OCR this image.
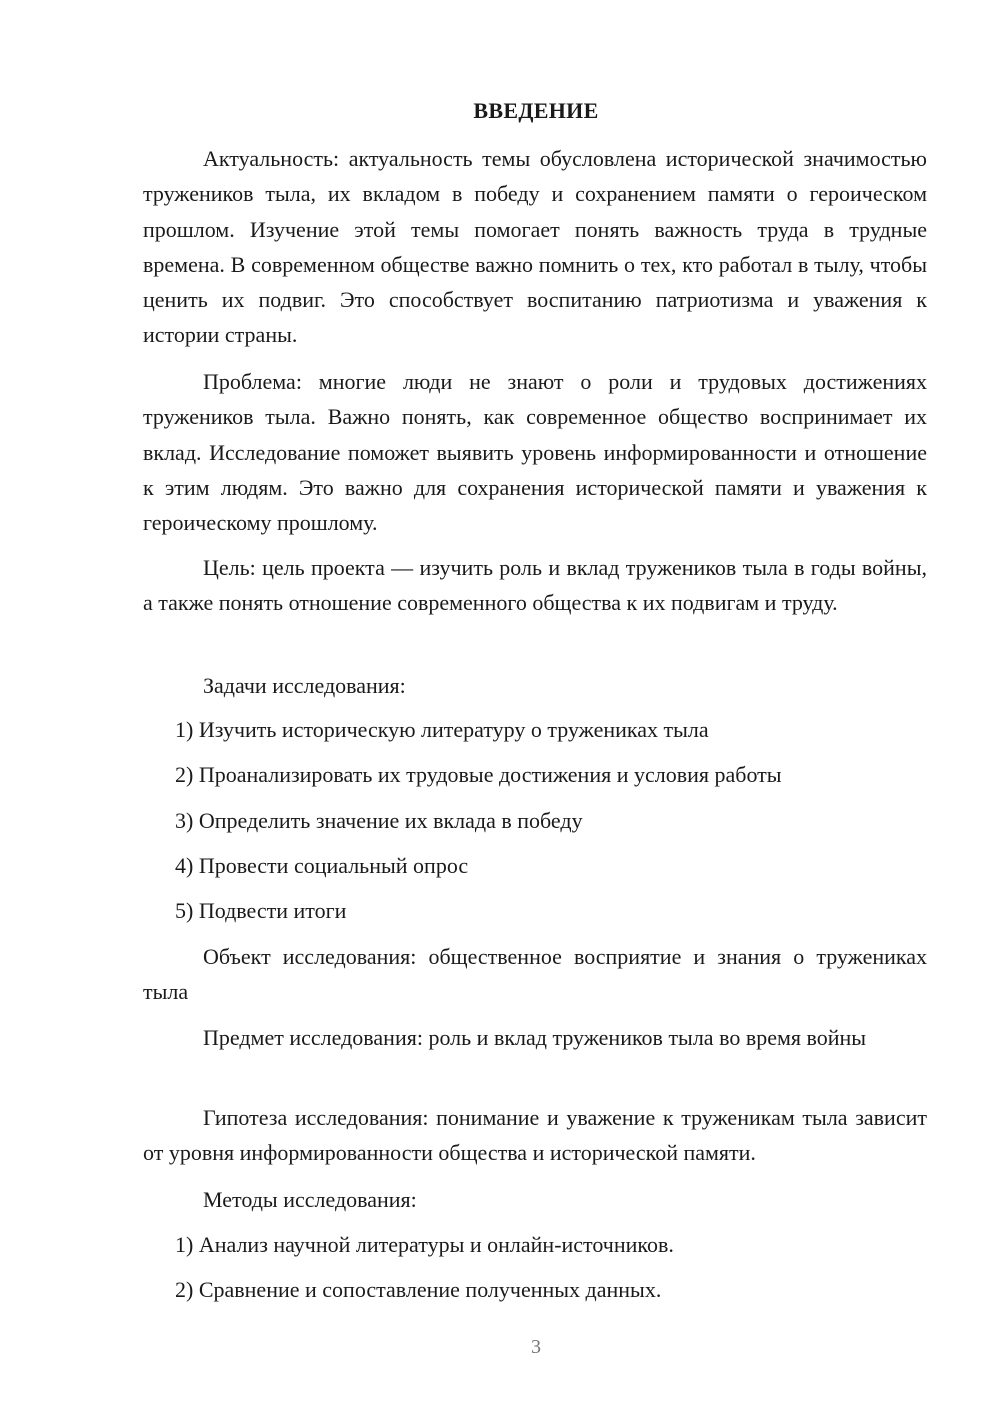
ВВЕДЕНИЕ
Актуальность: актуальность темы обусловлена исторической значимостью тружеников тыла, их вкладом в победу и сохранением памяти о героическом прошлом. Изучение этой темы помогает понять важность труда в трудные времена. В современном обществе важно помнить о тех, кто работал в тылу, чтобы ценить их подвиг. Это способствует воспитанию патриотизма и уважения к истории страны.
Проблема: многие люди не знают о роли и трудовых достижениях тружеников тыла. Важно понять, как современное общество воспринимает их вклад. Исследование поможет выявить уровень информированности и отношение к этим людям. Это важно для сохранения исторической памяти и уважения к героическому прошлому.
Цель: цель проекта — изучить роль и вклад тружеников тыла в годы войны, а также понять отношение современного общества к их подвигам и труду.
Задачи исследования:
1) Изучить историческую литературу о тружениках тыла
2) Проанализировать их трудовые достижения и условия работы
3) Определить значение их вклада в победу
4) Провести социальный опрос
5) Подвести итоги
Объект исследования: общественное восприятие и знания о тружениках тыла
Предмет исследования: роль и вклад тружеников тыла во время войны
Гипотеза исследования: понимание и уважение к труженикам тыла зависит от уровня информированности общества и исторической памяти.
Методы исследования:
1) Анализ научной литературы и онлайн-источников.
2) Сравнение и сопоставление полученных данных.
3
